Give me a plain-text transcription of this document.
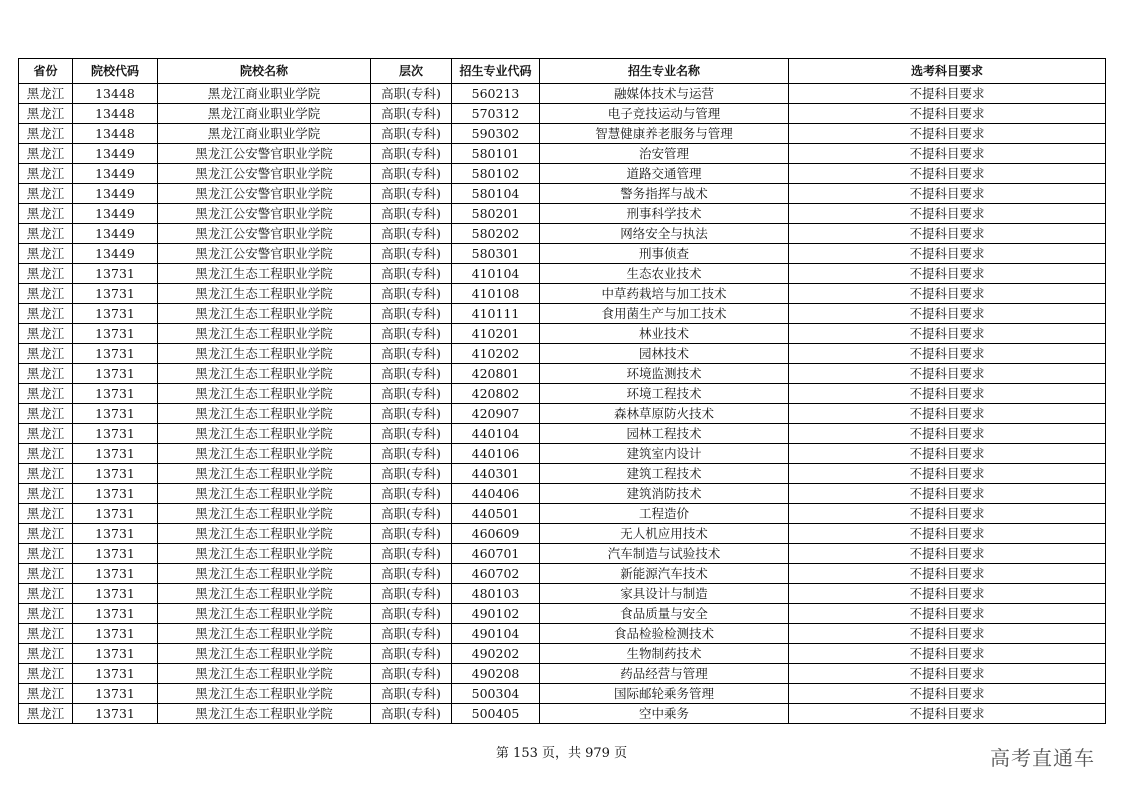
省份	院校代码	院校名称	层次	招生专业代码	招生专业名称	选考科目要求
黑龙江	13448	黑龙江商业职业学院	高职(专科)	560213	融媒体技术与运营	不提科目要求
黑龙江	13448	黑龙江商业职业学院	高职(专科)	570312	电子竞技运动与管理	不提科目要求
黑龙江	13448	黑龙江商业职业学院	高职(专科)	590302	智慧健康养老服务与管理	不提科目要求
黑龙江	13449	黑龙江公安警官职业学院	高职(专科)	580101	治安管理	不提科目要求
黑龙江	13449	黑龙江公安警官职业学院	高职(专科)	580102	道路交通管理	不提科目要求
黑龙江	13449	黑龙江公安警官职业学院	高职(专科)	580104	警务指挥与战术	不提科目要求
黑龙江	13449	黑龙江公安警官职业学院	高职(专科)	580201	刑事科学技术	不提科目要求
黑龙江	13449	黑龙江公安警官职业学院	高职(专科)	580202	网络安全与执法	不提科目要求
黑龙江	13449	黑龙江公安警官职业学院	高职(专科)	580301	刑事侦查	不提科目要求
黑龙江	13731	黑龙江生态工程职业学院	高职(专科)	410104	生态农业技术	不提科目要求
黑龙江	13731	黑龙江生态工程职业学院	高职(专科)	410108	中草药栽培与加工技术	不提科目要求
黑龙江	13731	黑龙江生态工程职业学院	高职(专科)	410111	食用菌生产与加工技术	不提科目要求
黑龙江	13731	黑龙江生态工程职业学院	高职(专科)	410201	林业技术	不提科目要求
黑龙江	13731	黑龙江生态工程职业学院	高职(专科)	410202	园林技术	不提科目要求
黑龙江	13731	黑龙江生态工程职业学院	高职(专科)	420801	环境监测技术	不提科目要求
黑龙江	13731	黑龙江生态工程职业学院	高职(专科)	420802	环境工程技术	不提科目要求
黑龙江	13731	黑龙江生态工程职业学院	高职(专科)	420907	森林草原防火技术	不提科目要求
黑龙江	13731	黑龙江生态工程职业学院	高职(专科)	440104	园林工程技术	不提科目要求
黑龙江	13731	黑龙江生态工程职业学院	高职(专科)	440106	建筑室内设计	不提科目要求
黑龙江	13731	黑龙江生态工程职业学院	高职(专科)	440301	建筑工程技术	不提科目要求
黑龙江	13731	黑龙江生态工程职业学院	高职(专科)	440406	建筑消防技术	不提科目要求
黑龙江	13731	黑龙江生态工程职业学院	高职(专科)	440501	工程造价	不提科目要求
黑龙江	13731	黑龙江生态工程职业学院	高职(专科)	460609	无人机应用技术	不提科目要求
黑龙江	13731	黑龙江生态工程职业学院	高职(专科)	460701	汽车制造与试验技术	不提科目要求
黑龙江	13731	黑龙江生态工程职业学院	高职(专科)	460702	新能源汽车技术	不提科目要求
黑龙江	13731	黑龙江生态工程职业学院	高职(专科)	480103	家具设计与制造	不提科目要求
黑龙江	13731	黑龙江生态工程职业学院	高职(专科)	490102	食品质量与安全	不提科目要求
黑龙江	13731	黑龙江生态工程职业学院	高职(专科)	490104	食品检验检测技术	不提科目要求
黑龙江	13731	黑龙江生态工程职业学院	高职(专科)	490202	生物制药技术	不提科目要求
黑龙江	13731	黑龙江生态工程职业学院	高职(专科)	490208	药品经营与管理	不提科目要求
黑龙江	13731	黑龙江生态工程职业学院	高职(专科)	500304	国际邮轮乘务管理	不提科目要求
黑龙江	13731	黑龙江生态工程职业学院	高职(专科)	500405	空中乘务	不提科目要求
第 153 页，共 979 页	高考直通车
